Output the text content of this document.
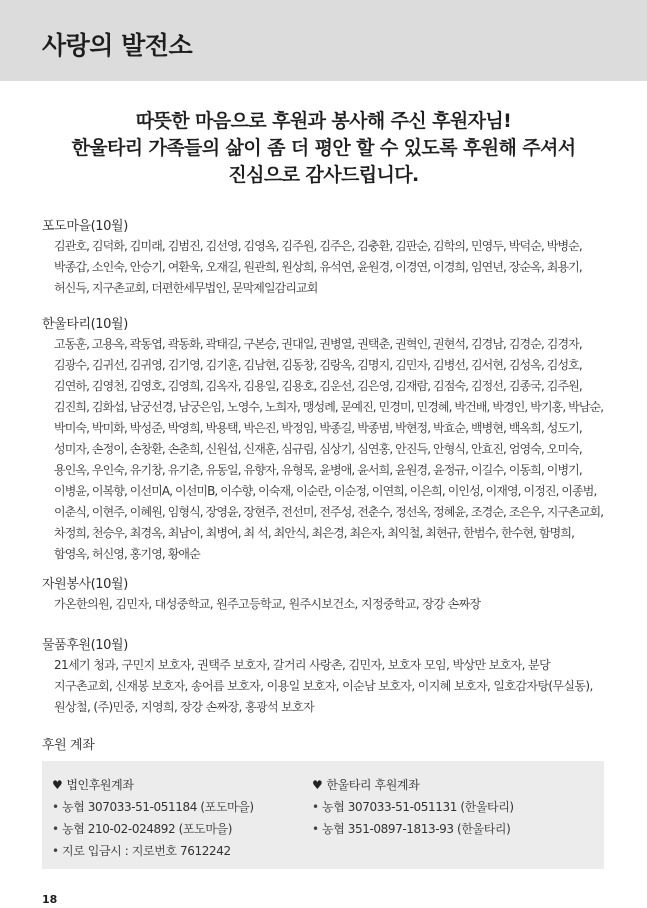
사랑의 발전소
따뜻한 마음으로 후원과 봉사해 주신 후원자님!
한울타리 가족들의 삶이 좀 더 평안 할 수 있도록 후원해 주셔서
진심으로 감사드립니다.
포도마을(10월)
김관호, 김덕화, 김미래, 김범진, 김선영, 김영옥, 김주원, 김주은, 김충환, 김판순, 김학의, 민영두, 박덕순, 박병순, 박종갑, 소인숙, 안승기, 여환욱, 오재길, 원관희, 원상희, 유석연, 윤원경, 이경연, 이경희, 임연년, 장순옥, 최용기, 허신득, 지구촌교회, 더편한세무법인, 문막제일감리교회
한울타리(10월)
고동훈, 고용옥, 곽동엽, 곽동화, 곽태길, 구본승, 권대일, 권병열, 권택춘, 권혁인, 권현석, 김경남, 김경순, 김경자, 김광수, 김귀선, 김귀영, 김기영, 김기훈, 김남현, 김동창, 김랑옥, 김명지, 김민자, 김병선, 김서현, 김성옥, 김성호, 김연하, 김영천, 김영호, 김영희, 김옥자, 김용일, 김용호, 김운선, 김은영, 김재람, 김점숙, 김정선, 김종국, 김주원, 김진희, 김화섭, 남궁선경, 남궁은임, 노영수, 노희자, 맹성례, 문예진, 민경미, 민경혜, 박건배, 박경인, 박기홍, 박남순, 박미숙, 박미화, 박성준, 박영희, 박용택, 박은진, 박정임, 박종길, 박종범, 박현정, 박효순, 백병현, 백옥희, 성도기, 성미자, 손정이, 손창환, 손춘희, 신원섭, 신재훈, 심규림, 심상기, 심연홍, 안진득, 안형식, 안효진, 엄영숙, 오미숙, 용인옥, 우인숙, 유기창, 유기춘, 유동일, 유향자, 유형목, 윤병애, 윤서희, 윤원경, 윤정규, 이길수, 이동희, 이병기, 이병윤, 이복향, 이선미A, 이선미B, 이수향, 이숙재, 이순란, 이순정, 이연희, 이은희, 이인성, 이재영, 이정진, 이종범, 이춘식, 이현주, 이혜원, 임형식, 장영윤, 장현주, 전선미, 전주성, 전춘수, 정선옥, 정혜윤, 조경순, 조은우, 지구촌교회, 차정희, 천승우, 최경옥, 최남이, 최병여, 최 석, 최안식, 최은경, 최은자, 최익철, 최현규, 한범수, 한수현, 함명희, 함영옥, 허신영, 홍기영, 황애순
자원봉사(10월)
가온한의원, 김민자, 대성중학교, 원주고등학교, 원주시보건소, 지정중학교, 장강 손짜장
물품후원(10월)
21세기 청과, 구민지 보호자, 권택주 보호자, 갈거리 사랑촌, 김민자, 보호자 모임, 박상만 보호자, 분당 지구촌교회, 신재봉 보호자, 송어름 보호자, 이용일 보호자, 이순남 보호자, 이지혜 보호자, 일호감자탕(무실동), 원상철, (주)민중, 지영희, 장강 손짜장, 홍광석 보호자
후원 계좌
♥ 법인후원계좌
• 농협 307033-51-051184 (포도마을)
• 농협 210-02-024892 (포도마을)
• 지로 입금시 : 지로번호 7612242
♥ 한울타리 후원계좌
• 농협 307033-51-051131 (한울타리)
• 농협 351-0897-1813-93 (한울타리)
18
